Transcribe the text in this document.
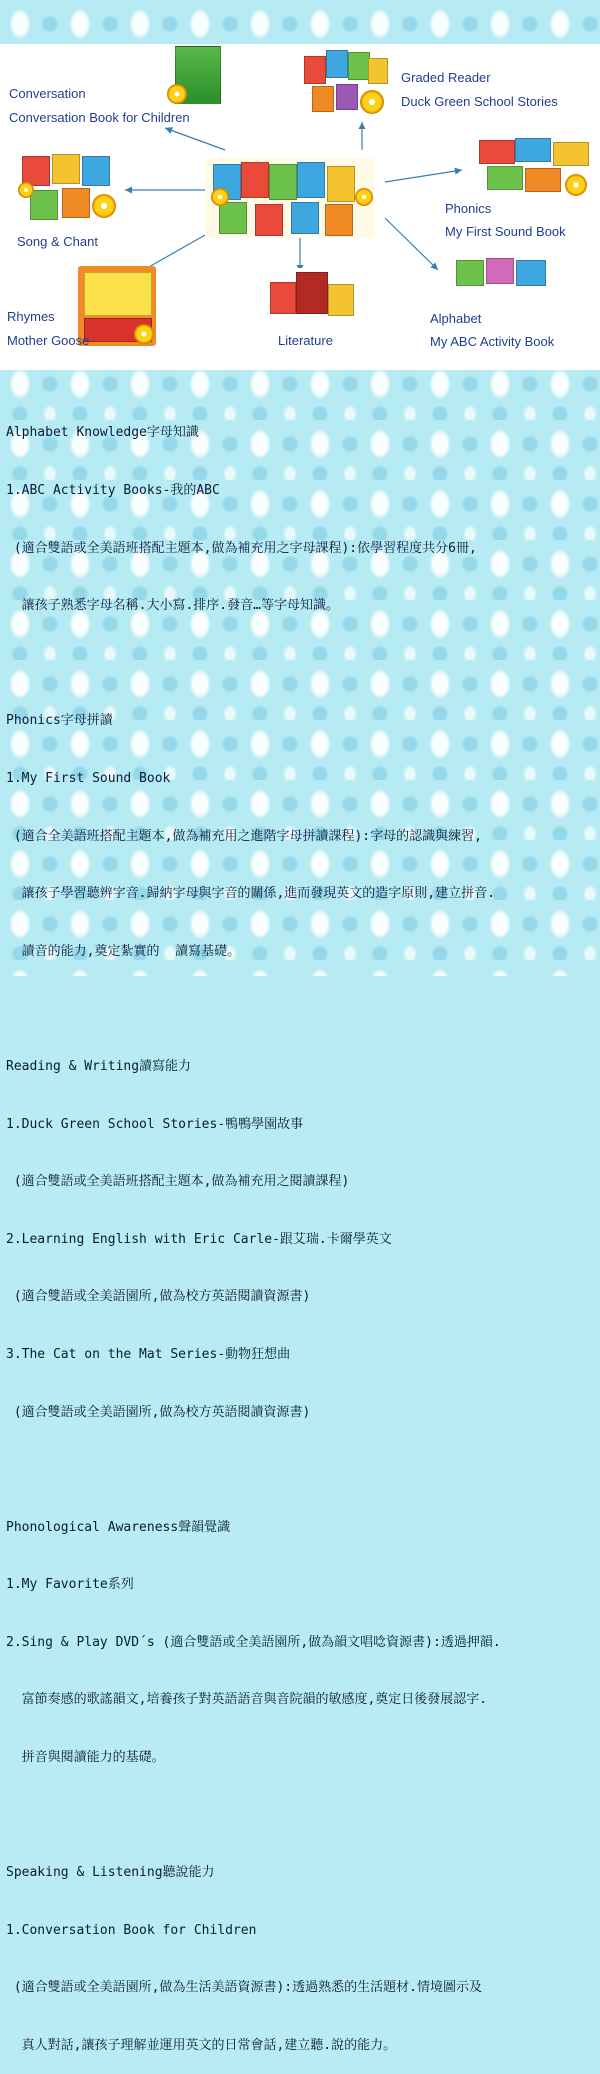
Conversation
Conversation Book for Children
Graded Reader
Duck Green School Stories
Song & Chant
Phonics
My First Sound Book
Rhymes
Mother Goose	Literature
Alphabet
My ABC Activity Book

Alphabet Knowledge字母知識

1.ABC Activity Books-我的ABC

(適合雙語或全美語班搭配主題本,做為補充用之字母課程):依學習程度共分6冊,

讓孩子熟悉字母名稱.大小寫.排序.發音…等字母知識。

Phonics字母拼讀

1.My First Sound Book

(適合全美語班搭配主題本,做為補充用之進階字母拼讀課程):字母的認識與練習,

讓孩子學習聽辨字音.歸納字母與字音的關係,進而發現英文的造字原則,建立拼音.

讀音的能力,奠定紮實的  讀寫基礎。

Reading & Writing讀寫能力

1.Duck Green School Stories-鴨鴨學園故事

(適合雙語或全美語班搭配主題本,做為補充用之閱讀課程)

2.Learning English with Eric Carle-跟艾瑞.卡爾學英文

(適合雙語或全美語園所,做為校方英語閱讀資源書)

3.The Cat on the Mat Series-動物狂想曲

(適合雙語或全美語園所,做為校方英語閱讀資源書)

Phonological Awareness聲韻覺識

1.My Favorite系列

2.Sing & Play DVD´s (適合雙語或全美語園所,做為韻文唱唸資源書):透過押韻.

富節奏感的歌謠韻文,培養孩子對英語語音與音院韻的敏感度,奠定日後發展認字.

拼音與閱讀能力的基礎。

Speaking & Listening聽說能力

1.Conversation Book for Children

(適合雙語或全美語園所,做為生活美語資源書):透過熟悉的生活題材.情境圖示及

真人對話,讓孩子理解並運用英文的日常會話,建立聽.說的能力。
